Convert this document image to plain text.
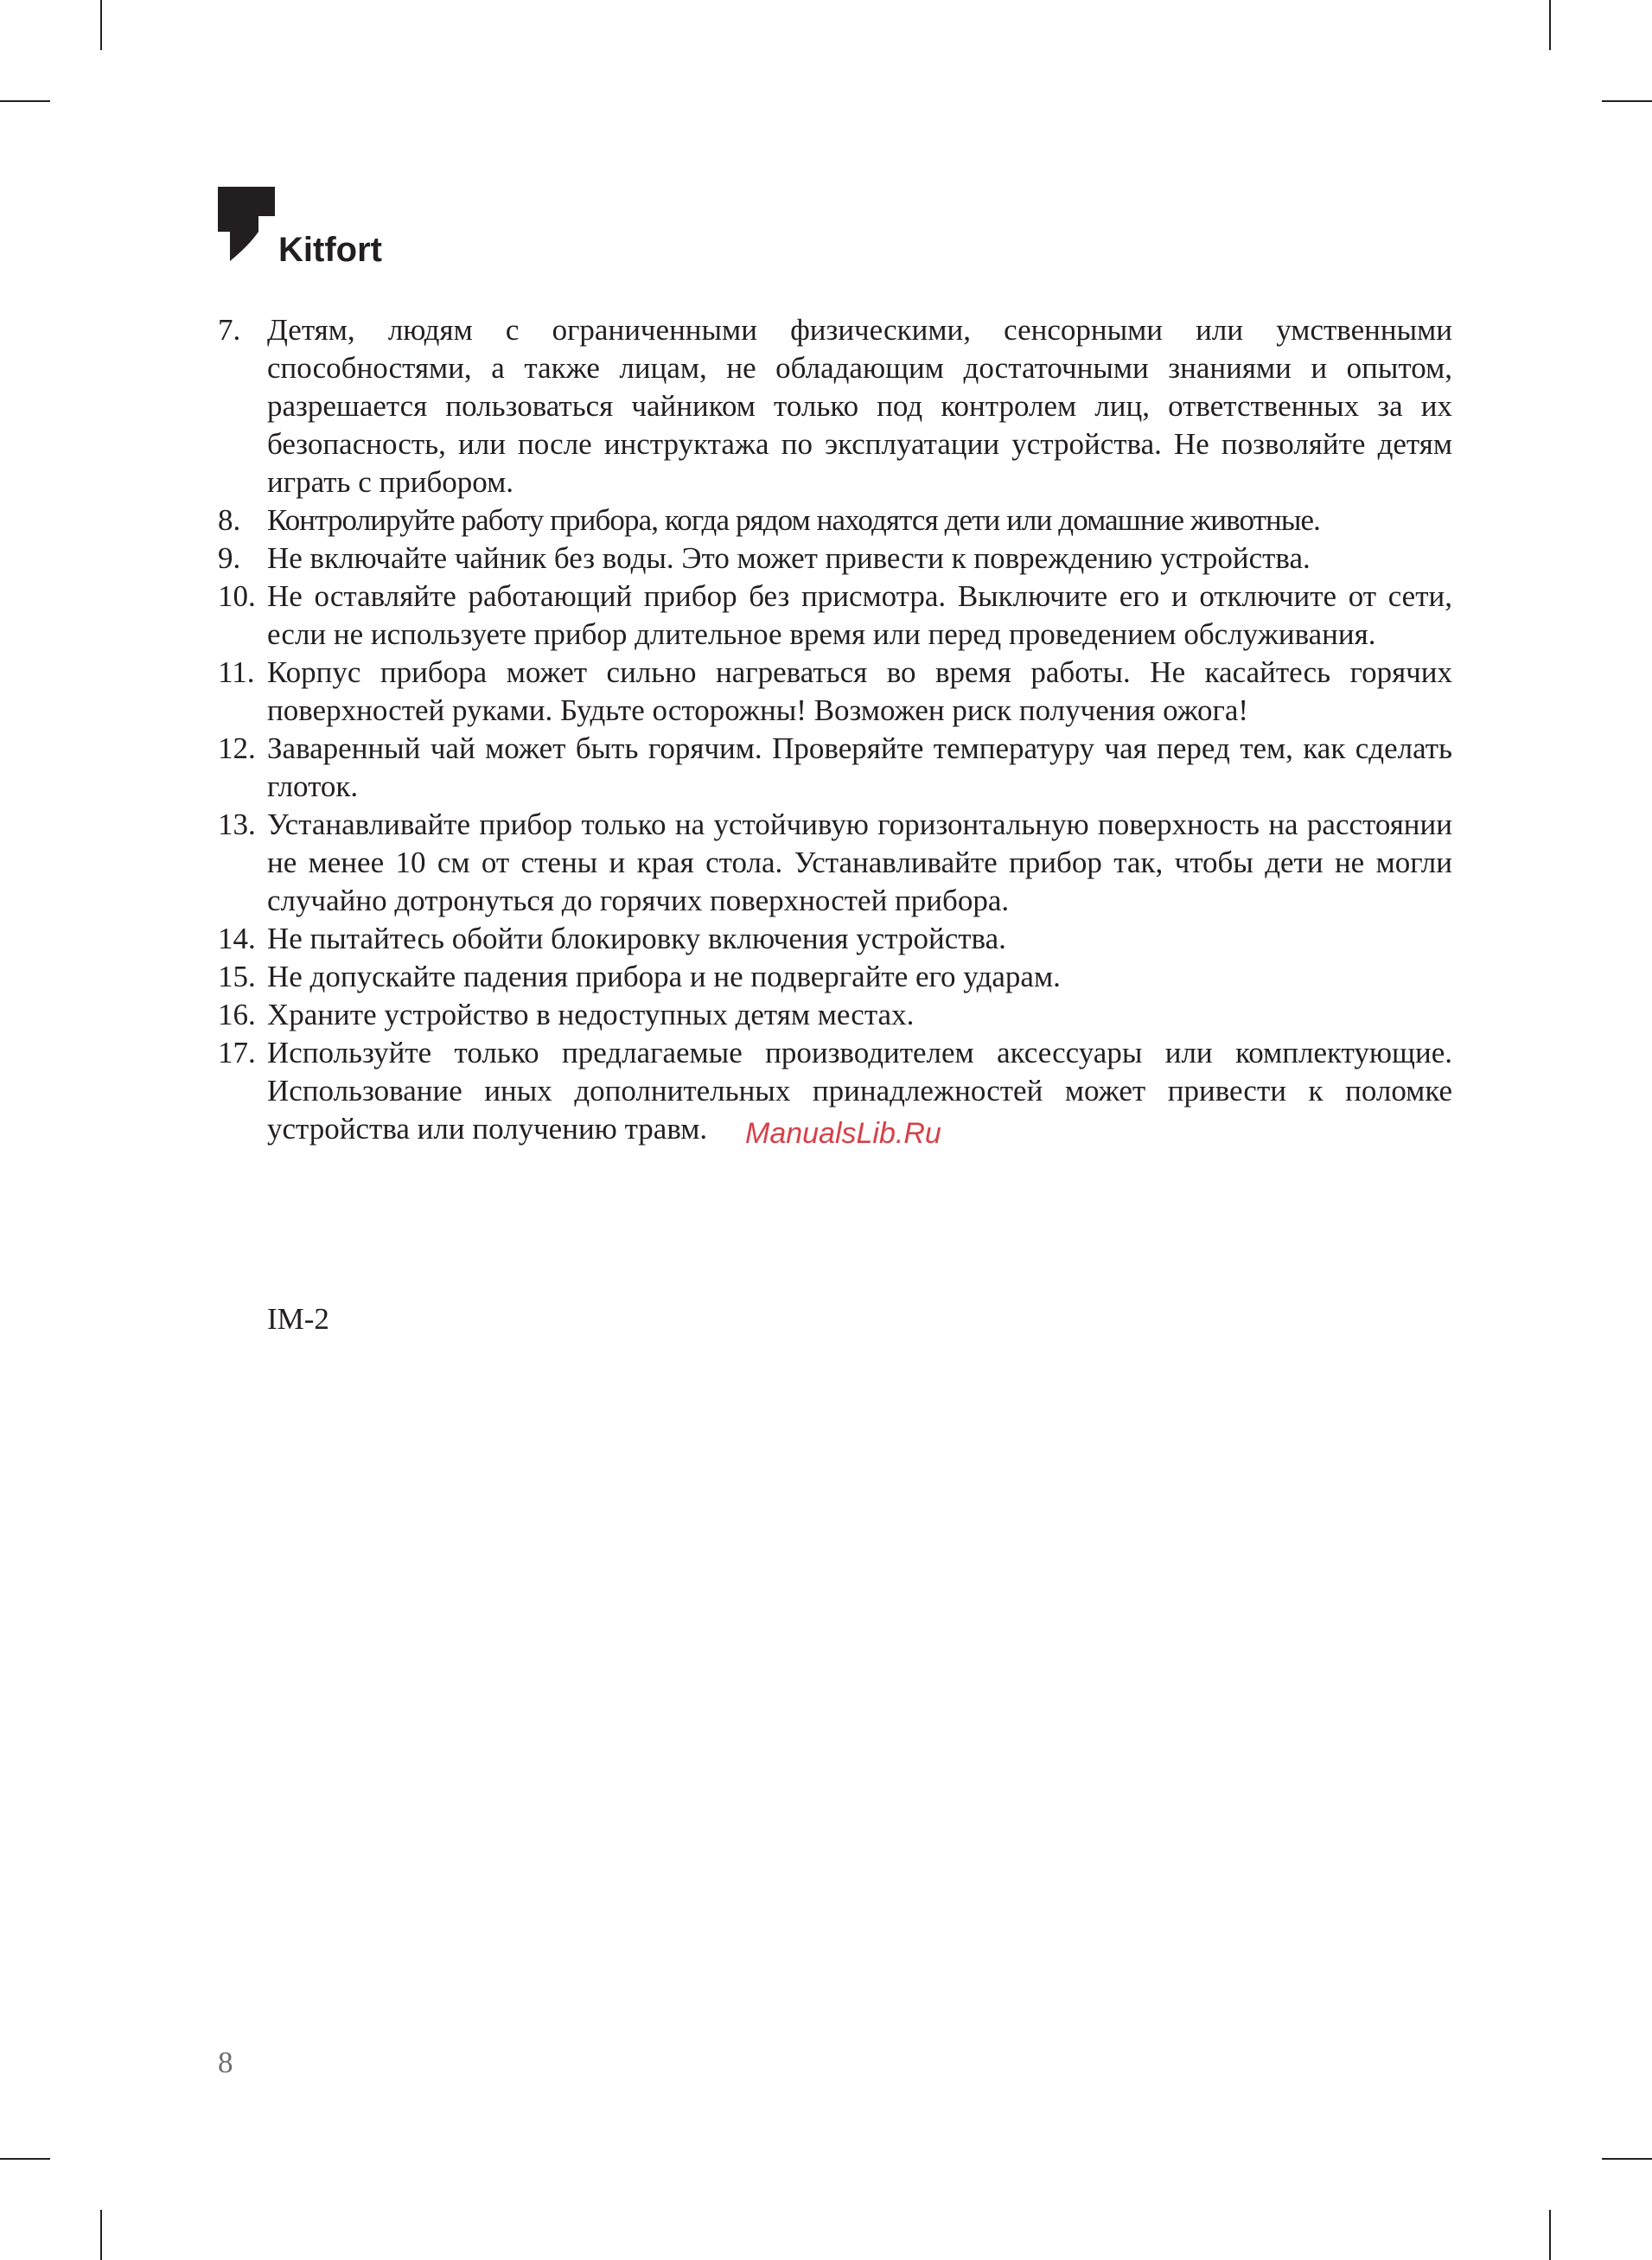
Kitfort
7. Детям, людям с ограниченными физическими, сенсорными или умственными способностями, а также лицам, не обладающим достаточными знаниями и опытом, разрешается пользоваться чайником только под контролем лиц, ответственных за их безопасность, или после инструктажа по эксплуатации устройства. Не позволяйте детям играть с прибором.
8. Контролируйте работу прибора, когда рядом находятся дети или домашние животные.
9. Не включайте чайник без воды. Это может привести к повреждению устройства.
10. Не оставляйте работающий прибор без присмотра. Выключите его и отключите от сети, если не используете прибор длительное время или перед проведением обслуживания.
11. Корпус прибора может сильно нагреваться во время работы. Не касайтесь горячих поверхностей руками. Будьте осторожны! Возможен риск получения ожога!
12. Заваренный чай может быть горячим. Проверяйте температуру чая перед тем, как сделать глоток.
13. Устанавливайте прибор только на устойчивую горизонтальную поверхность на расстоянии не менее 10 см от стены и края стола. Устанавливайте прибор так, чтобы дети не могли случайно дотронуться до горячих поверхностей прибора.
14. Не пытайтесь обойти блокировку включения устройства.
15. Не допускайте падения прибора и не подвергайте его ударам.
16. Храните устройство в недоступных детям местах.
17. Используйте только предлагаемые производителем аксессуары или комплектующие. Использование иных дополнительных принадлежностей может привести к поломке устройства или получению травм.	ManualsLib.Ru
IM-2
8
